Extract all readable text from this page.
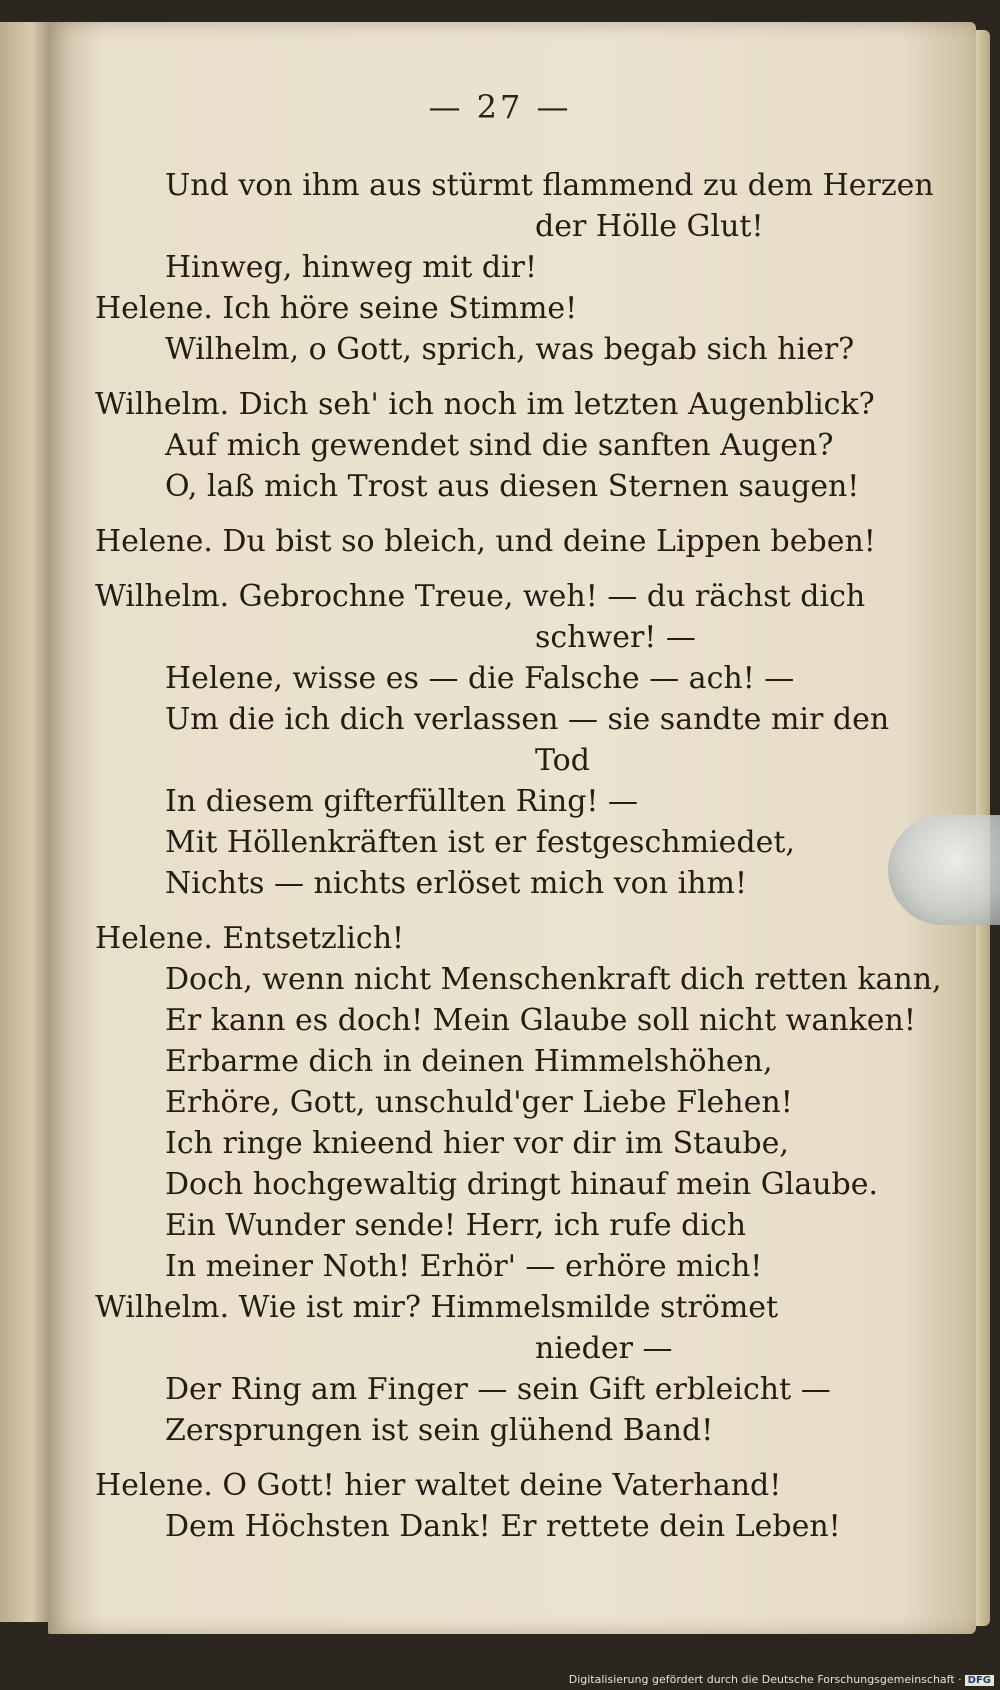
— 27 —
Und von ihm aus stürmt flammend zu dem Herzen
der Hölle Glut!
Hinweg, hinweg mit dir!
Helene. Ich höre seine Stimme!
Wilhelm, o Gott, sprich, was begab sich hier?
Wilhelm. Dich seh' ich noch im letzten Augenblick?
Auf mich gewendet sind die sanften Augen?
O, laß mich Trost aus diesen Sternen saugen!
Helene. Du bist so bleich, und deine Lippen beben!
Wilhelm. Gebrochne Treue, weh! — du rächst dich
schwer! —
Helene, wisse es — die Falsche — ach! —
Um die ich dich verlassen — sie sandte mir den
Tod
In diesem gifterfüllten Ring! —
Mit Höllenkräften ist er festgeschmiedet,
Nichts — nichts erlöset mich von ihm!
Helene. Entsetzlich!
Doch, wenn nicht Menschenkraft dich retten kann,
Er kann es doch! Mein Glaube soll nicht wanken!
Erbarme dich in deinen Himmelshöhen,
Erhöre, Gott, unschuld'ger Liebe Flehen!
Ich ringe knieend hier vor dir im Staube,
Doch hochgewaltig dringt hinauf mein Glaube.
Ein Wunder sende! Herr, ich rufe dich
In meiner Noth! Erhör' — erhöre mich!
Wilhelm. Wie ist mir? Himmelsmilde strömet
nieder —
Der Ring am Finger — sein Gift erbleicht —
Zersprungen ist sein glühend Band!
Helene. O Gott! hier waltet deine Vaterhand!
Dem Höchsten Dank! Er rettete dein Leben!
Digitalisierung gefördert durch die Deutsche Forschungsgemeinschaft · DFG
